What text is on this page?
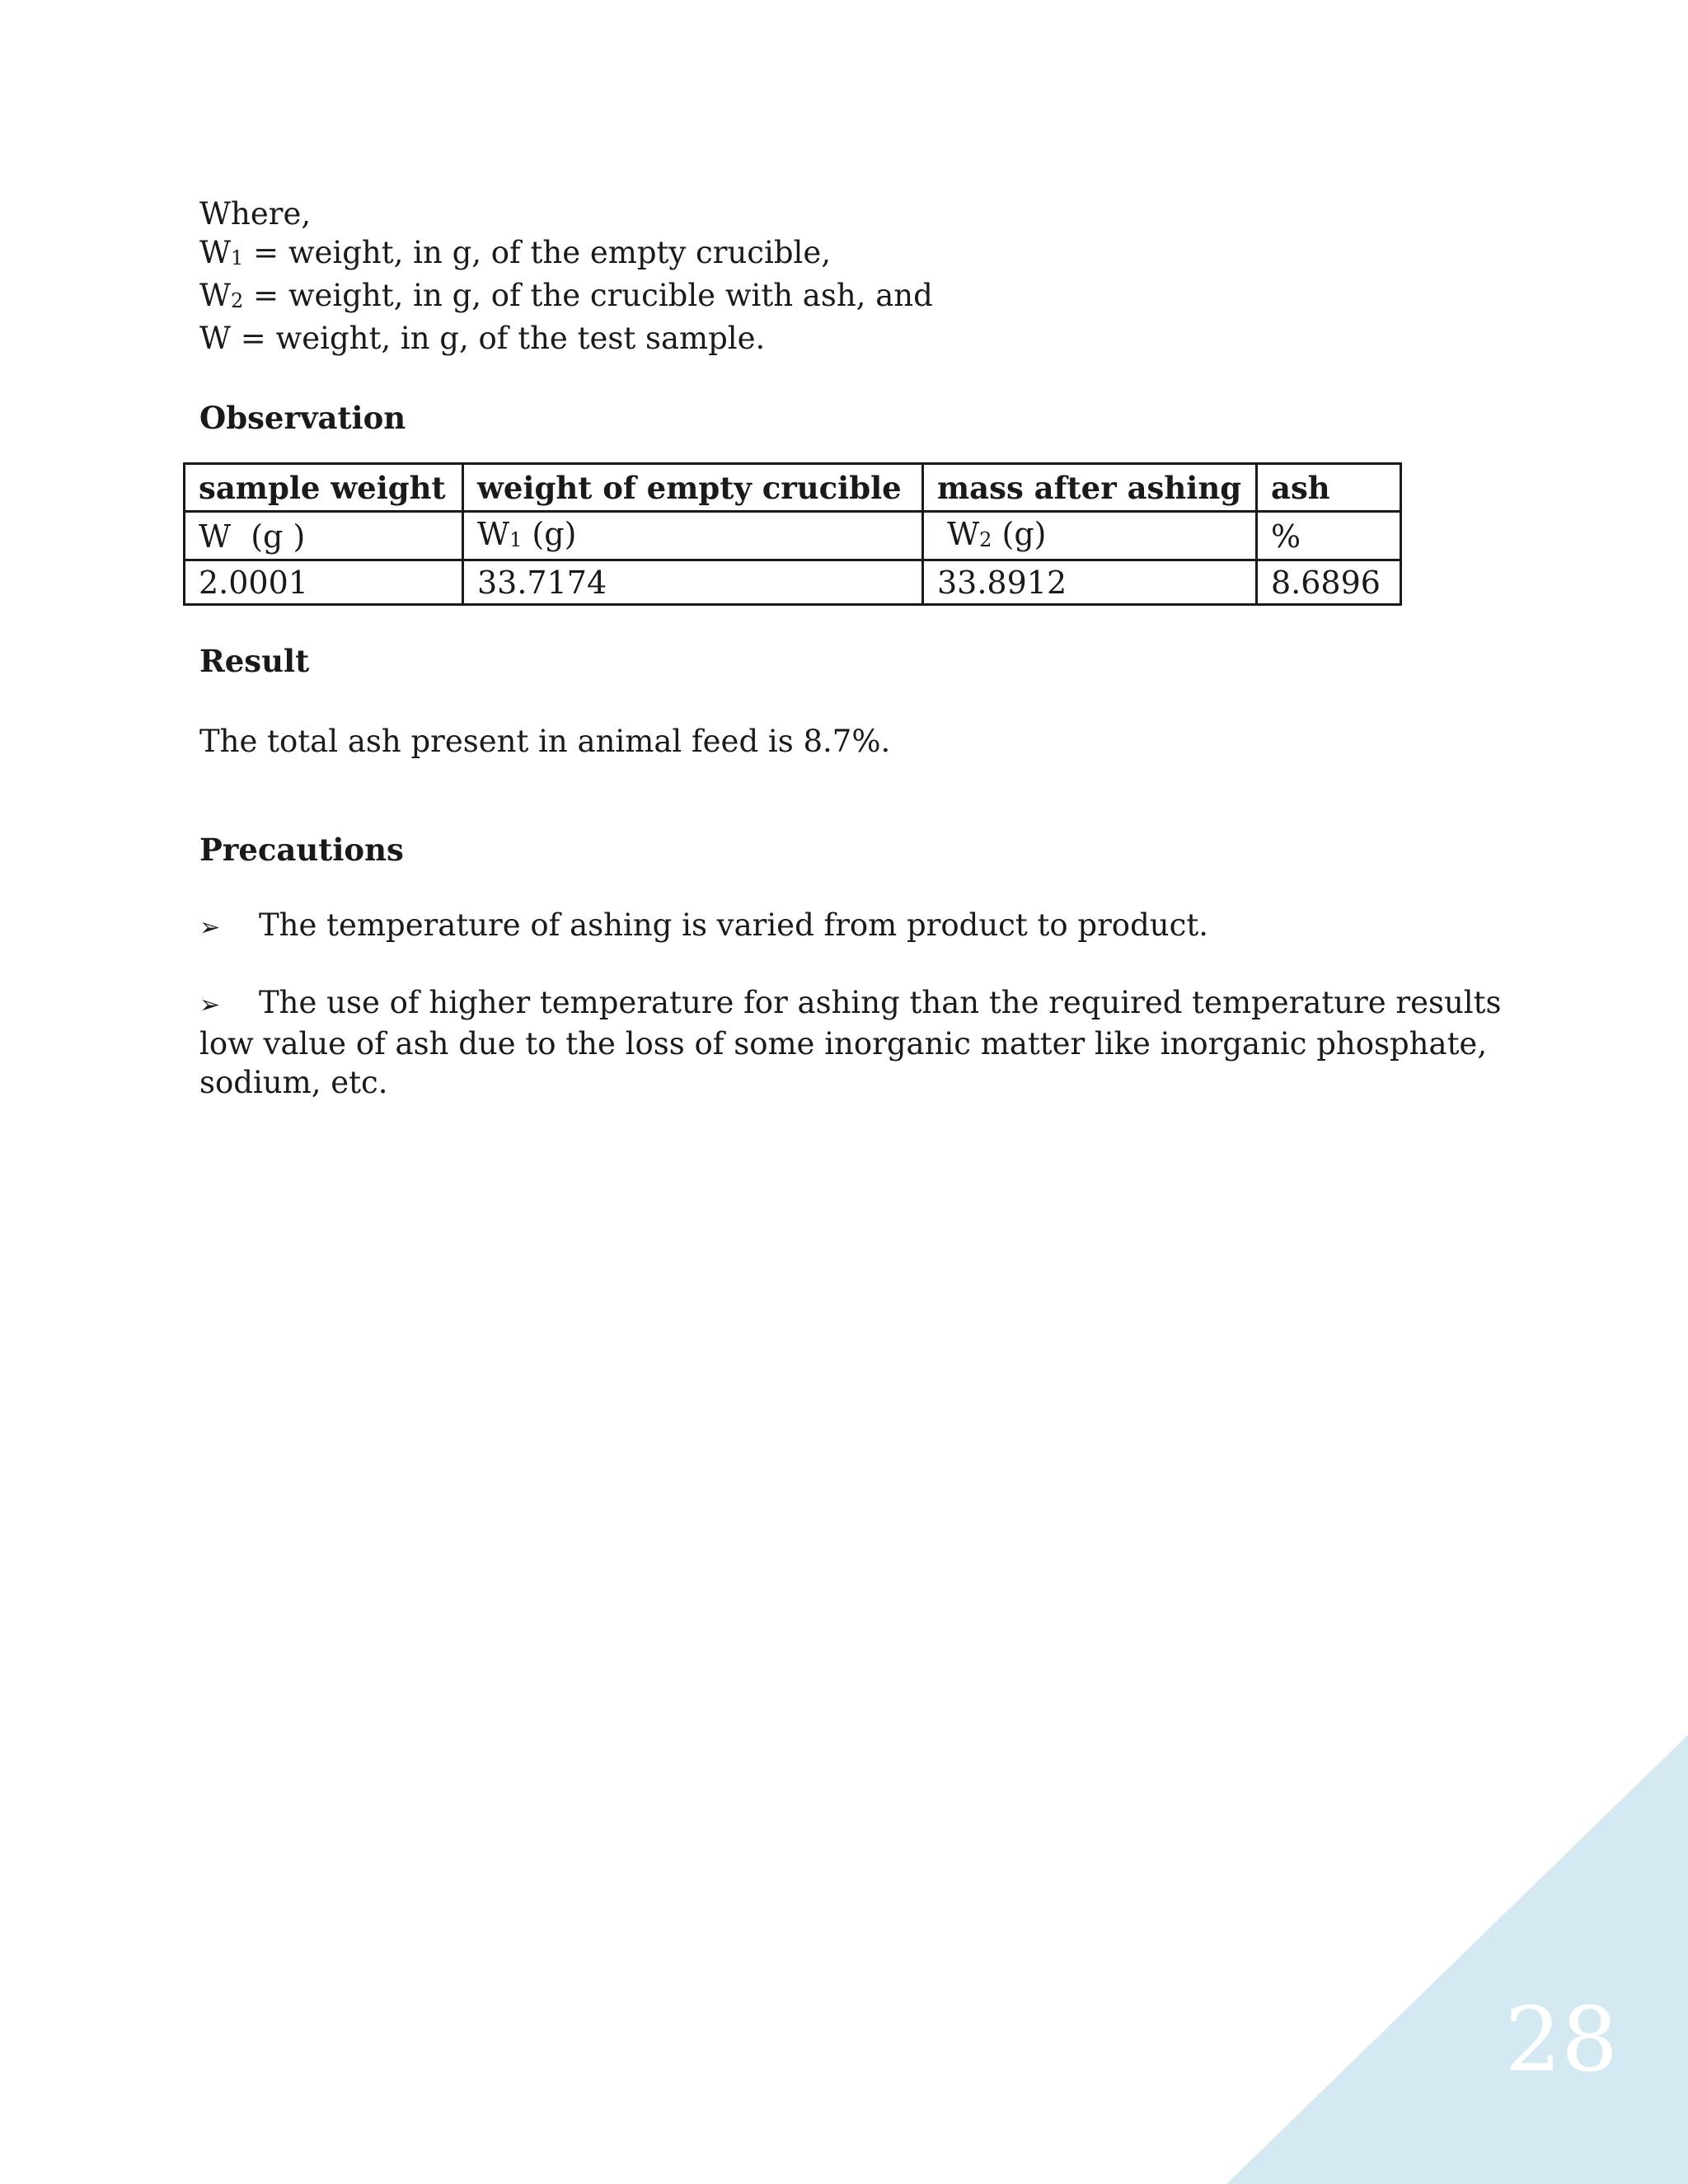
28

Where,

$W_1$ = weight, in g, of the empty crucible,

$W_2$ = weight, in g, of the crucible with ash, and

W = weight, in g, of the test sample.

Observation

sample weight	weight of empty crucible	mass after ashing	ash
W  (g )	$W_1$ (g)	$W_2$ (g)	%
2.0001	33.7174	33.8912	8.6896

Result

The total ash present in animal feed is 8.7%.

Precautions

➢ The temperature of ashing is varied from product to product.

➢ The use of higher temperature for ashing than the required temperature results low value of ash due to the loss of some inorganic matter like inorganic phosphate, sodium, etc.
